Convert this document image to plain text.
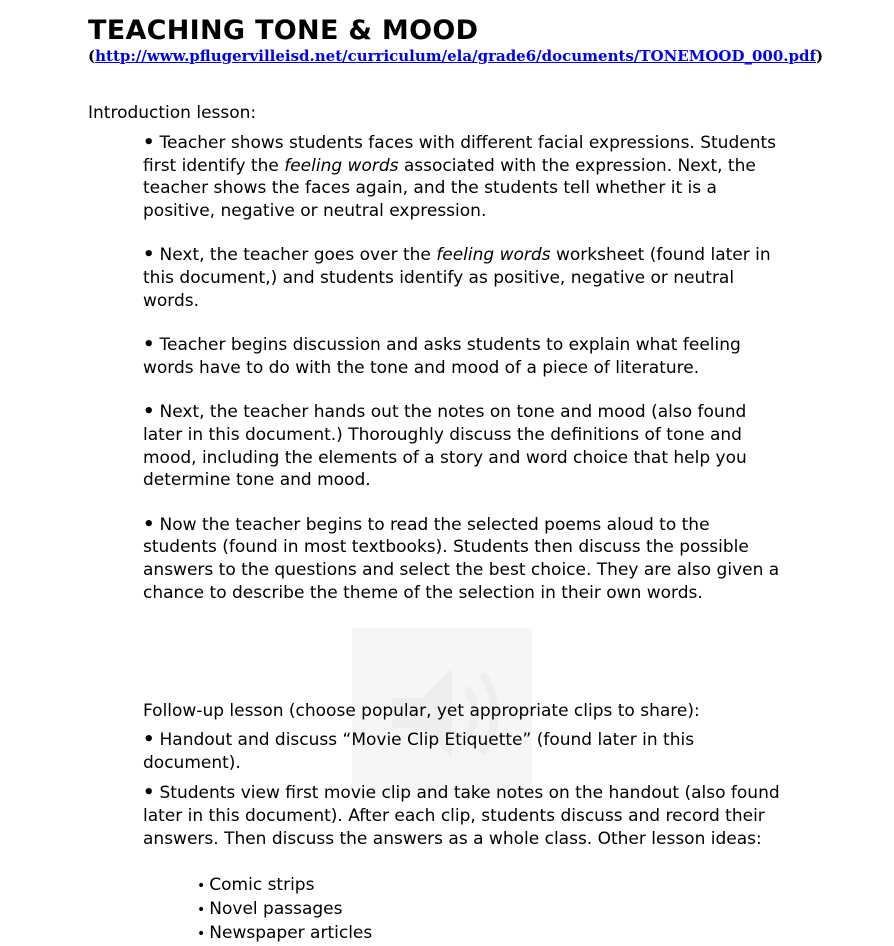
TEACHING TONE & MOOD
(http://www.pflugervilleisd.net/curriculum/ela/grade6/documents/TONEMOOD_000.pdf)
Introduction lesson:
• Teacher shows students faces with different facial expressions. Students first identify the feeling words associated with the expression. Next, the teacher shows the faces again, and the students tell whether it is a positive, negative or neutral expression.
• Next, the teacher goes over the feeling words worksheet (found later in this document,) and students identify as positive, negative or neutral words.
• Teacher begins discussion and asks students to explain what feeling words have to do with the tone and mood of a piece of literature.
• Next, the teacher hands out the notes on tone and mood (also found later in this document.) Thoroughly discuss the definitions of tone and mood, including the elements of a story and word choice that help you determine tone and mood.
• Now the teacher begins to read the selected poems aloud to the students (found in most textbooks). Students then discuss the possible answers to the questions and select the best choice. They are also given a chance to describe the theme of the selection in their own words.
Follow-up lesson (choose popular, yet appropriate clips to share):
• Handout and discuss “Movie Clip Etiquette” (found later in this document).
• Students view first movie clip and take notes on the handout (also found later in this document). After each clip, students discuss and record their answers. Then discuss the answers as a whole class. Other lesson ideas:
• Comic strips
• Novel passages
• Newspaper articles
